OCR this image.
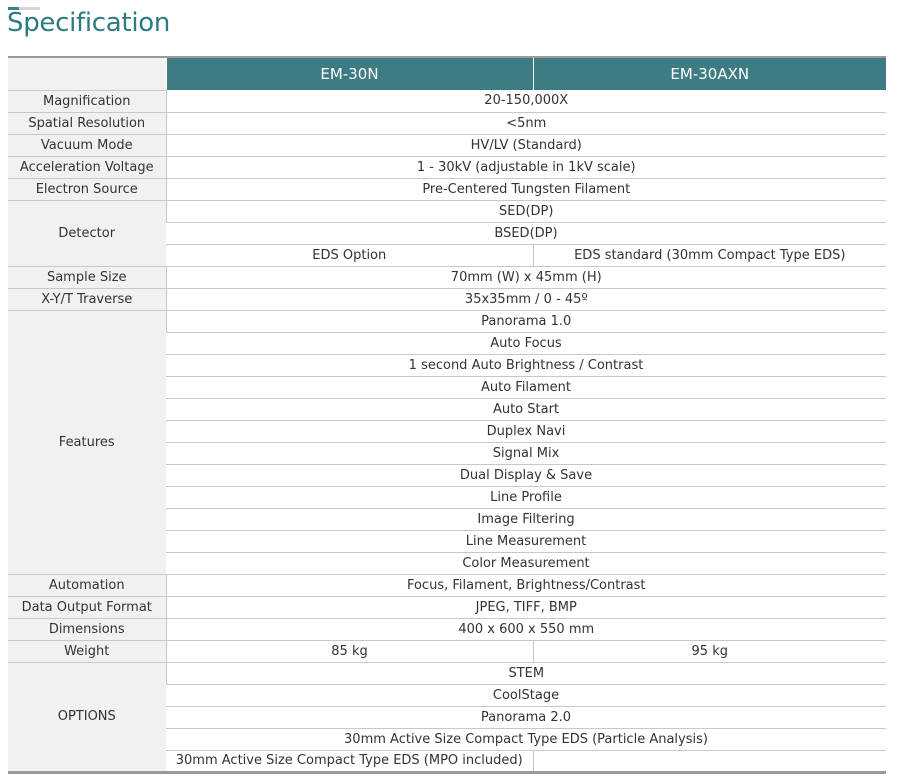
Specification
	EM-30N	EM-30AXN
Magnification	20-150,000X	
Spatial Resolution	<5nm	
Vacuum Mode	HV/LV (Standard)	
Acceleration Voltage	1 - 30kV (adjustable in 1kV scale)	
Electron Source	Pre-Centered Tungsten Filament	
Detector	SED(DP)	
	BSED(DP)	
	EDS Option	EDS standard (30mm Compact Type EDS)
Sample Size	70mm (W) x 45mm (H)	
X-Y/T Traverse	35x35mm / 0 - 45º	
Features	Panorama 1.0	
	Auto Focus	
	1 second Auto Brightness / Contrast	
	Auto Filament	
	Auto Start	
	Duplex Navi	
	Signal Mix	
	Dual Display & Save	
	Line Profile	
	Image Filtering	
	Line Measurement	
	Color Measurement	
Automation	Focus, Filament, Brightness/Contrast	
Data Output Format	JPEG, TIFF, BMP	
Dimensions	400 x 600 x 550 mm	
Weight	85 kg	95 kg
OPTIONS	STEM	
	CoolStage	
	Panorama 2.0	
	30mm Active Size Compact Type EDS (Particle Analysis)	
	30mm Active Size Compact Type EDS (MPO included)	
